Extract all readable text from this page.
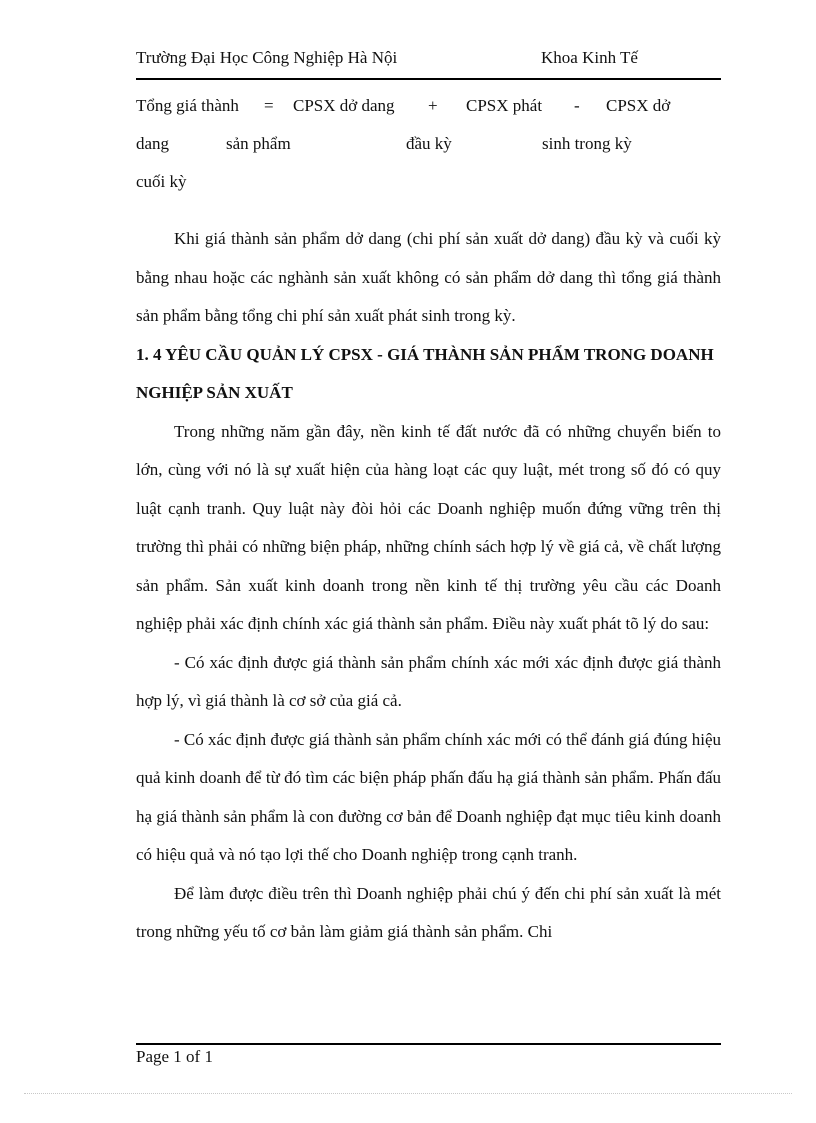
Trường Đại Học Công Nghiệp Hà Nội	Khoa Kinh Tế
Tổng giá thành = CPSX dở dang + CPSX phát - CPSX dở
dang	sản phẩm	đầu kỳ	sinh trong kỳ
cuối kỳ

Khi giá thành sản phẩm dở dang (chi phí sản xuất dở dang) đầu kỳ và cuối kỳ bằng nhau hoặc các nghành sản xuất không có sản phẩm dở dang thì tổng giá thành sản phẩm bằng tổng chi phí sản xuất phát sinh trong kỳ.

1. 4 YÊU CẦU QUẢN LÝ CPSX - GIÁ THÀNH SẢN PHẨM TRONG DOANH NGHIỆP SẢN XUẤT

Trong những năm gần đây, nền kinh tế đất nước đã có những chuyển biến to lớn, cùng với nó là sự xuất hiện của hàng loạt các quy luật, mét trong số đó có quy luật cạnh tranh. Quy luật này đòi hỏi các Doanh nghiệp muốn đứng vững trên thị trường thì phải có những biện pháp, những chính sách hợp lý về giá cả, về chất lượng sản phẩm. Sản xuất kinh doanh trong nền kinh tế thị trường yêu cầu các Doanh nghiệp phải xác định chính xác giá thành sản phẩm. Điều này xuất phát tõ lý do sau:

- Có xác định được giá thành sản phẩm chính xác mới xác định được giá thành hợp lý, vì giá thành là cơ sở của giá cả.

- Có xác định được giá thành sản phẩm chính xác mới có thể đánh giá đúng hiệu quả kinh doanh để từ đó tìm các biện pháp phấn đấu hạ giá thành sản phẩm. Phấn đấu hạ giá thành sản phẩm là con đường cơ bản để Doanh nghiệp đạt mục tiêu kinh doanh có hiệu quả và nó tạo lợi thế cho Doanh nghiệp trong cạnh tranh.

Để làm được điều trên thì Doanh nghiệp phải chú ý đến chi phí sản xuất là mét trong những yếu tố cơ bản làm giảm giá thành sản phẩm. Chi

Page 1 of 1
